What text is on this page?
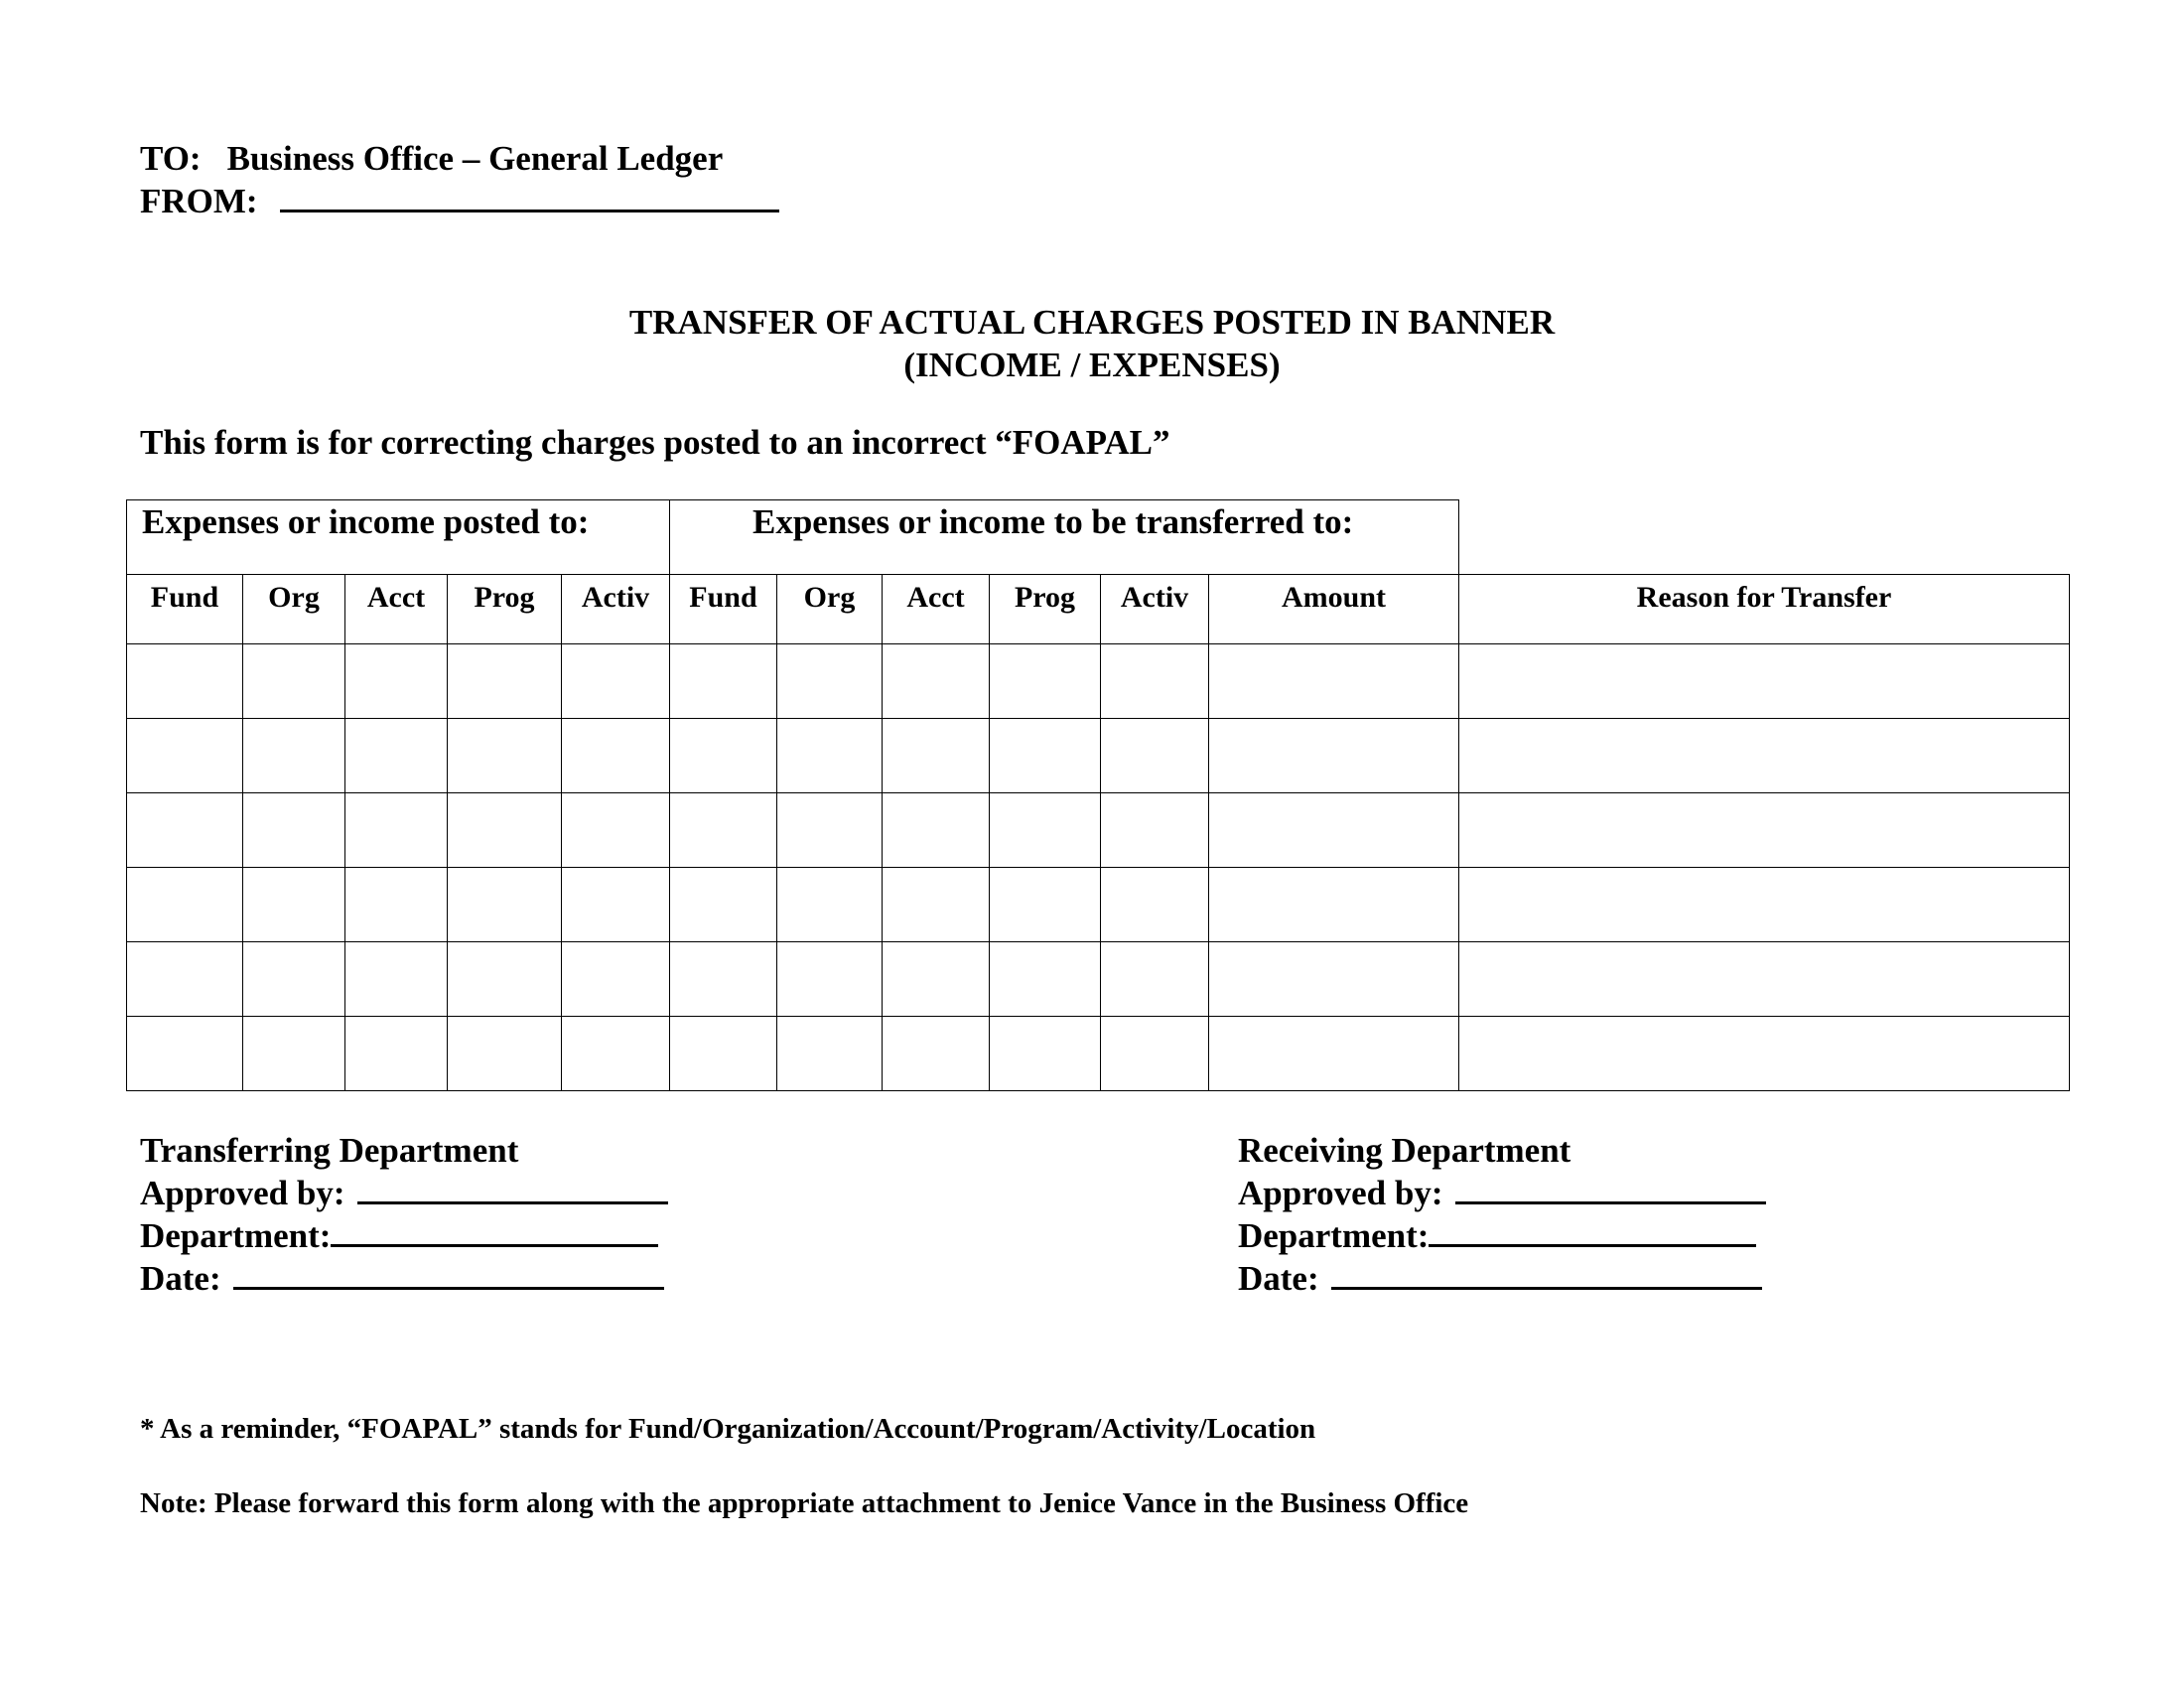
TO: Business Office – General Ledger
FROM:
TRANSFER OF ACTUAL CHARGES POSTED IN BANNER
(INCOME / EXPENSES)
This form is for correcting charges posted to an incorrect “FOAPAL”
Expenses or income posted to:					Expenses or income to be transferred to:						

Fund	Org	Acct	Prog	Activ	Fund	Org	Acct	Prog	Activ	Amount	Reason for Transfer

Transferring Department
Approved by:
Department:
Date:
Receiving Department
Approved by:
Department:
Date:
* As a reminder, “FOAPAL” stands for Fund/Organization/Account/Program/Activity/Location
Note: Please forward this form along with the appropriate attachment to Jenice Vance in the Business Office
